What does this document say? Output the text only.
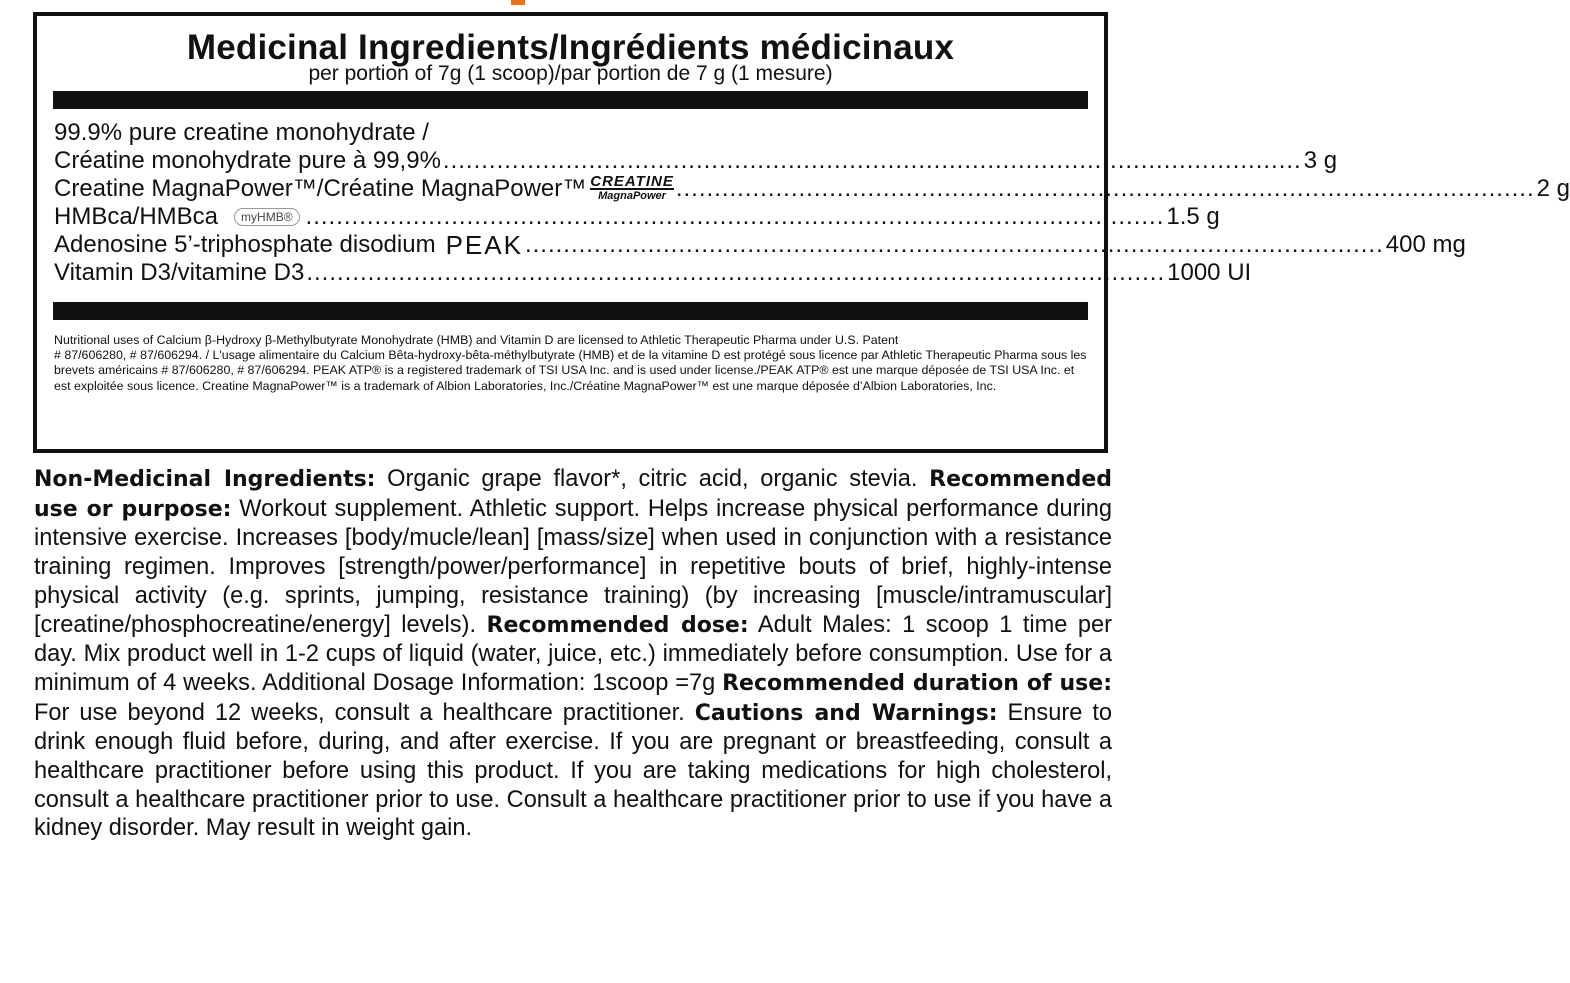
Medicinal Ingredients/Ingrédients médicinaux
per portion of 7g (1 scoop)/par portion de 7 g (1 mesure)
99.9% pure creatine monohydrate /
Créatine monohydrate pure à 99,9% ................................................................................................................ 3 g
Creatine MagnaPower™/Créatine MagnaPower™ CREATINE
MagnaPower ................................................................................................................ 2 g
HMBca/HMBca	myHMB® ................................................................................................................ 1.5 g
Adenosine 5’-triphosphate disodium PEAK ................................................................................................................ 400 mg
Vitamin D3/vitamine D3 ................................................................................................................ 1000 UI

Nutritional uses of Calcium β-Hydroxy β-Methylbutyrate Monohydrate (HMB) and Vitamin D are licensed to Athletic Therapeutic Pharma under U.S. Patent

# 87/606280, # 87/606294. / L'usage alimentaire du Calcium Bêta-hydroxy-bêta-méthylbutyrate (HMB) et de la vitamine D est protégé sous licence par Athletic Therapeutic Pharma sous les brevets américains # 87/606280, # 87/606294. PEAK ATP® is a registered trademark of TSI USA Inc. and is used under license./PEAK ATP® est une marque déposée de TSI USA Inc. et est exploitée sous licence. Creatine MagnaPower™ is a trademark of Albion Laboratories, Inc./Créatine MagnaPower™ est une marque déposée d’Albion Laboratories, Inc.

Non-Medicinal Ingredients: Organic grape flavor*, citric acid, organic stevia. Recommended use or purpose: Workout supplement. Athletic support. Helps increase physical performance during intensive exercise. Increases [body/mucle/lean] [mass/size] when used in conjunction with a resistance training regimen. Improves [strength/power/performance] in repetitive bouts of brief, highly-intense physical activity (e.g. sprints, jumping, resistance training) (by increasing [muscle/intramuscular] [creatine/phosphocreatine/energy] levels). Recommended dose: Adult Males: 1 scoop 1 time per day. Mix product well in 1-2 cups of liquid (water, juice, etc.) immediately before consumption. Use for a minimum of 4 weeks. Additional Dosage Information: 1scoop =7g Recommended duration of use: For use beyond 12 weeks, consult a healthcare practitioner. Cautions and Warnings: Ensure to drink enough fluid before, during, and after exercise. If you are pregnant or breastfeeding, consult a healthcare practitioner before using this product. If you are taking medications for high cholesterol, consult a healthcare practitioner prior to use. Consult a healthcare practitioner prior to use if you have a kidney disorder. May result in weight gain.
